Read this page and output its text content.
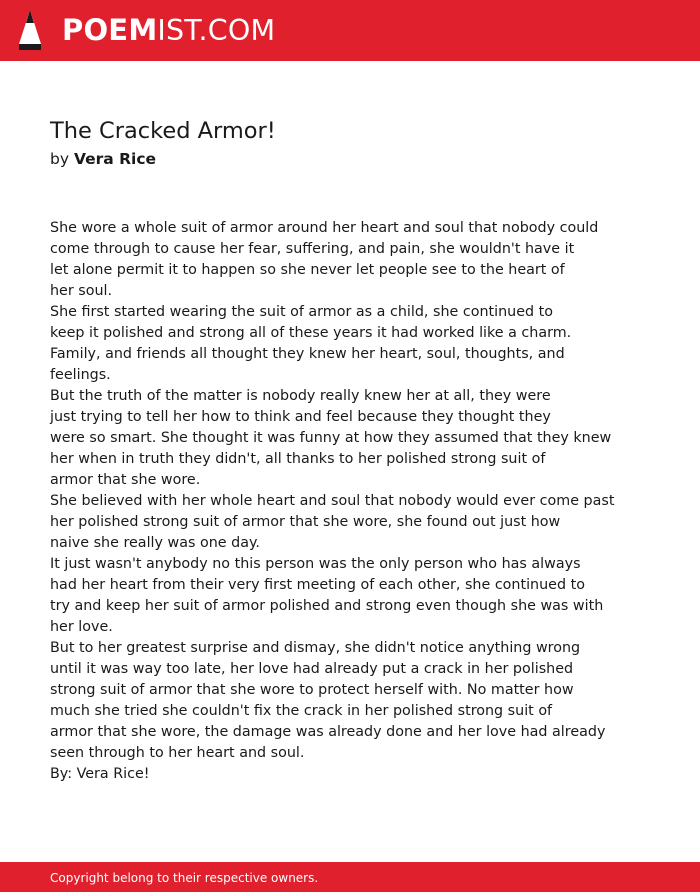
POEMIST.COM
The Cracked Armor!
by Vera Rice
She wore a whole suit of armor around her heart and soul that nobody could
come through to cause her fear, suffering, and pain, she wouldn't have it
let alone permit it to happen so she never let people see to the heart of
her soul.
She first started wearing the suit of armor as a child, she continued to
keep it polished and strong all of these years it had worked like a charm.
Family, and friends all thought they knew her heart, soul, thoughts, and
feelings.
But the truth of the matter is nobody really knew her at all, they were
just trying to tell her how to think and feel because they thought they
were so smart. She thought it was funny at how they assumed that they knew
her when in truth they didn't, all thanks to her polished strong suit of
armor that she wore.
She believed with her whole heart and soul that nobody would ever come past
her polished strong suit of armor that she wore, she found out just how
naive she really was one day.
It just wasn't anybody no this person was the only person who has always
had her heart from their very first meeting of each other, she continued to
try and keep her suit of armor polished and strong even though she was with
her love.
But to her greatest surprise and dismay, she didn't notice anything wrong
until it was way too late, her love had already put a crack in her polished
strong suit of armor that she wore to protect herself with. No matter how
much she tried she couldn't fix the crack in her polished strong suit of
armor that she wore, the damage was already done and her love had already
seen through to her heart and soul.
By: Vera Rice!
Copyright belong to their respective owners.
